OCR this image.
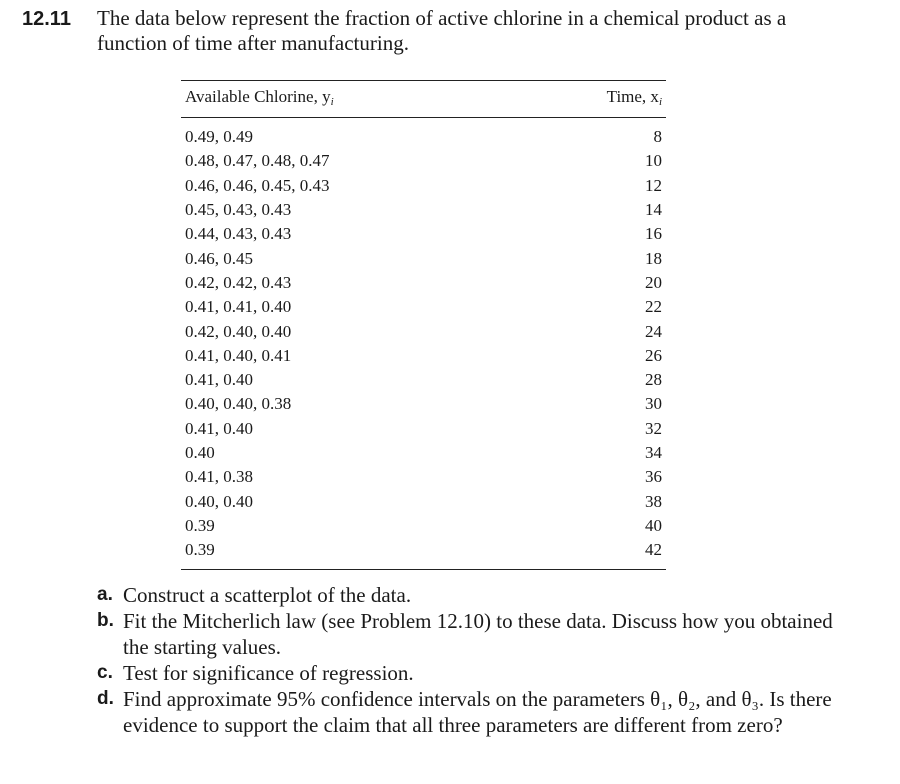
12.11 The data below represent the fraction of active chlorine in a chemical product as a function of time after manufacturing.
Available Chlorine, $y_i$	Time, $x_i$
0.49, 0.49	8
0.48, 0.47, 0.48, 0.47	10
0.46, 0.46, 0.45, 0.43	12
0.45, 0.43, 0.43	14
0.44, 0.43, 0.43	16
0.46, 0.45	18
0.42, 0.42, 0.43	20
0.41, 0.41, 0.40	22
0.42, 0.40, 0.40	24
0.41, 0.40, 0.41	26
0.41, 0.40	28
0.40, 0.40, 0.38	30
0.41, 0.40	32
0.40	34
0.41, 0.38	36
0.40, 0.40	38
0.39	40
0.39	42
a. Construct a scatterplot of the data.
b. Fit the Mitcherlich law (see Problem 12.10) to these data. Discuss how you obtained the starting values.
c. Test for significance of regression.
d. Find approximate 95% confidence intervals on the parameters θ₁, θ₂, and θ₃. Is there evidence to support the claim that all three parameters are different from zero?
